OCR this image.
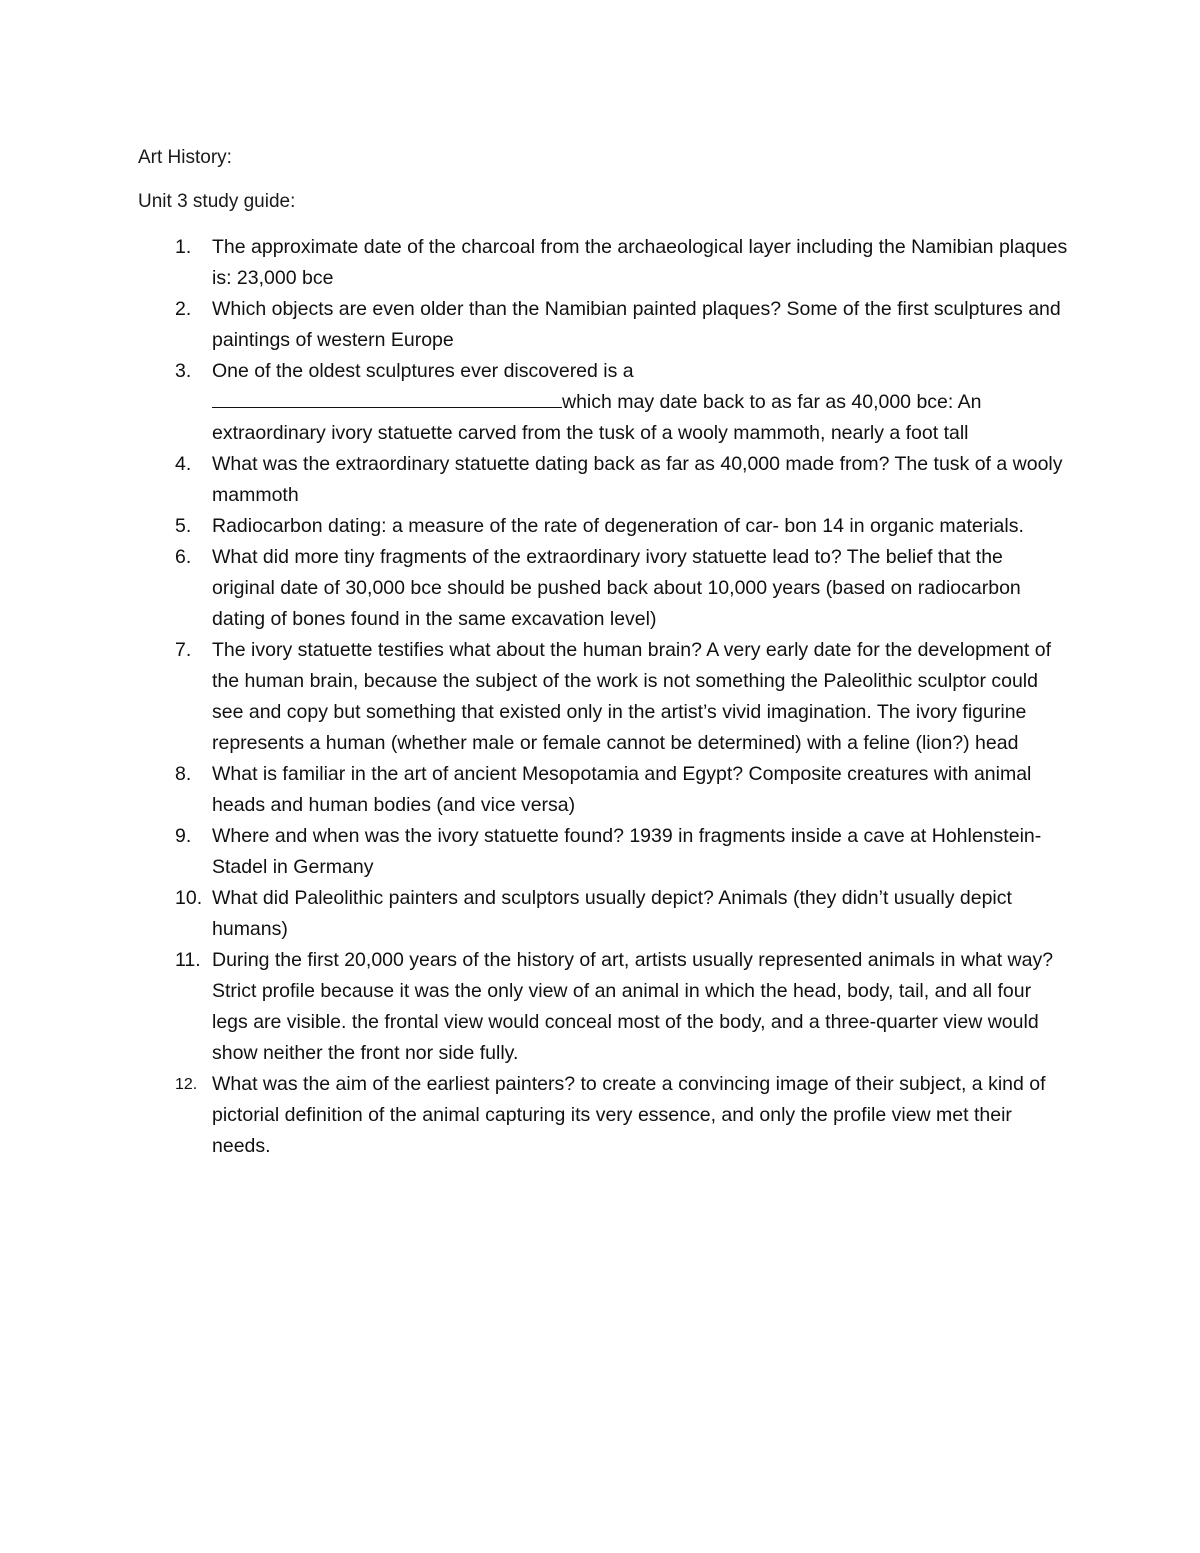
Art History:

Unit 3 study guide:

1.	The approximate date of the charcoal from the archaeological layer including the Namibian plaques is: 23,000 bce
2.	Which objects are even older than the Namibian painted plaques? Some of the first sculptures and paintings of western Europe
3.	One of the oldest sculptures ever discovered is a
which may date back to as far as 40,000 bce: An extraordinary ivory statuette carved from the tusk of a wooly mammoth, nearly a foot tall
4.	What was the extraordinary statuette dating back as far as 40,000 made from? The tusk of a wooly mammoth
5.	Radiocarbon dating: a measure of the rate of degeneration of car- bon 14 in organic materials.
6.	What did more tiny fragments of the extraordinary ivory statuette lead to? The belief that the original date of 30,000 bce should be pushed back about 10,000 years (based on radiocarbon dating of bones found in the same excavation level)
7.	The ivory statuette testifies what about the human brain? A very early date for the development of the human brain, because the subject of the work is not something the Paleolithic sculptor could see and copy but something that existed only in the artist’s vivid imagination. The ivory figurine represents a human (whether male or female cannot be determined) with a feline (lion?) head
8.	What is familiar in the art of ancient Mesopotamia and Egypt? Composite creatures with animal heads and human bodies (and vice versa)
9.	Where and when was the ivory statuette found? 1939 in fragments inside a cave at Hohlenstein-Stadel in Germany
10. What did Paleolithic painters and sculptors usually depict? Animals (they didn’t usually depict humans)
11. During the first 20,000 years of the history of art, artists usually represented animals in what way? Strict profile because it was the only view of an animal in which the head, body, tail, and all four legs are visible. the frontal view would conceal most of the body, and a three-quarter view would show neither the front nor side fully.
12. What was the aim of the earliest painters? to create a convincing image of their subject, a kind of pictorial definition of the animal capturing its very essence, and only the profile view met their needs.
